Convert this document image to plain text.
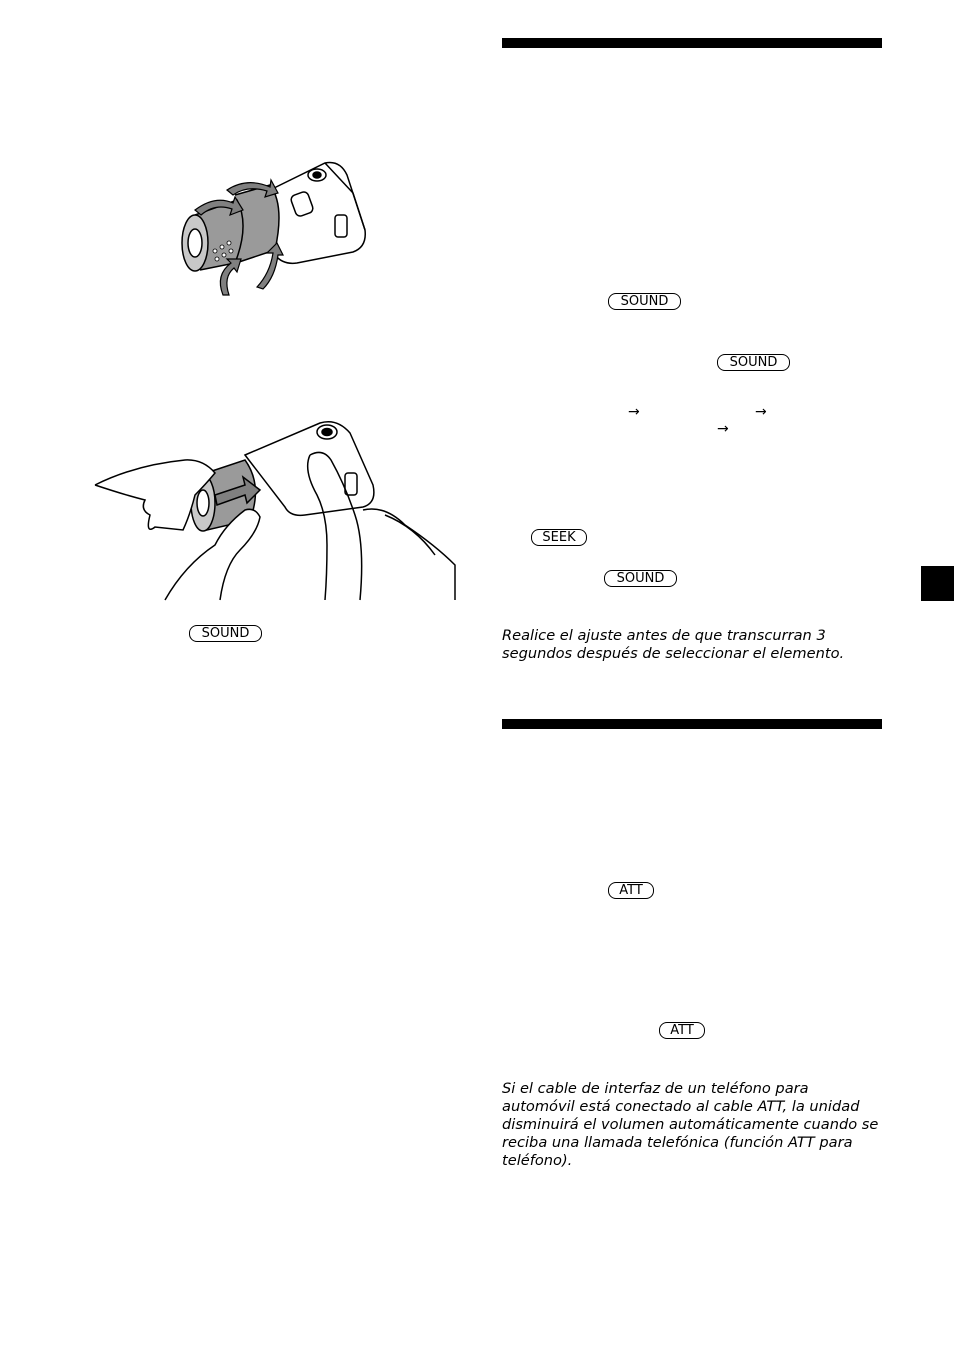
SOUND
SOUND
SEEK
SOUND
SOUND
ATT
ATT
→	→
→
Realice el ajuste antes de que transcurran 3
segundos después de seleccionar el elemento.
Si el cable de interfaz de un teléfono para
automóvil está conectado al cable ATT, la unidad
disminuirá el volumen automáticamente cuando se
reciba una llamada telefónica (función ATT para
teléfono).
